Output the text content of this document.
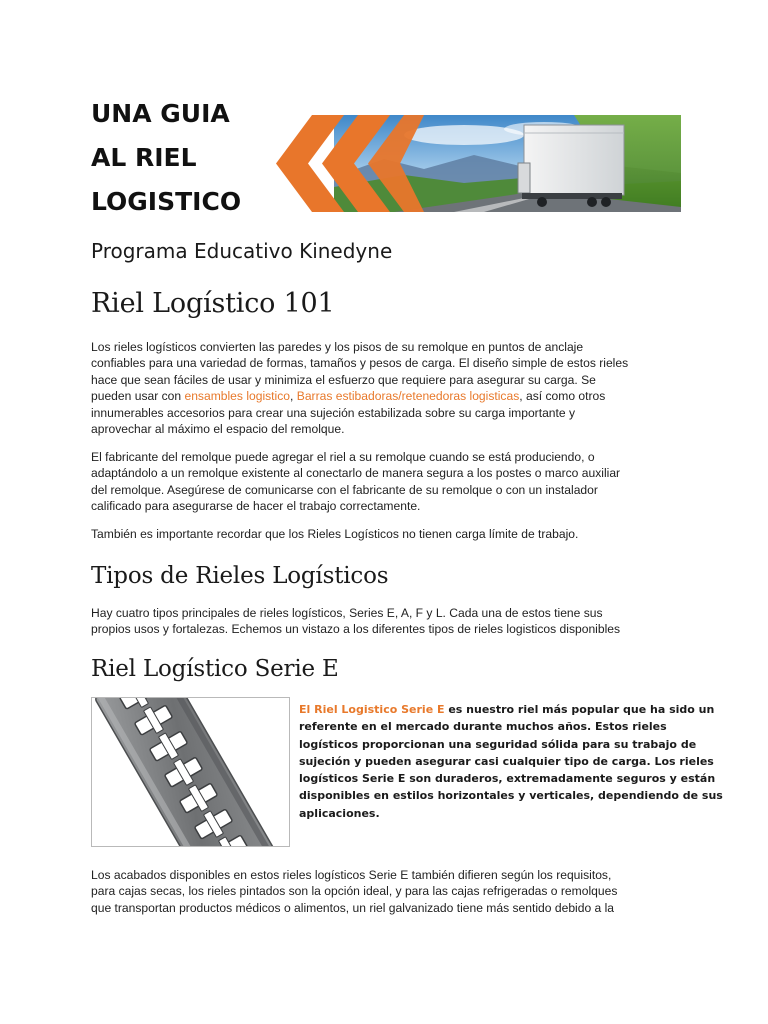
UNA GUIA
AL RIEL
LOGISTICO
Programa Educativo Kinedyne
Riel Logístico 101
Los rieles logísticos convierten las paredes y los pisos de su remolque en puntos de anclaje
confiables para una variedad de formas, tamaños y pesos de carga. El diseño simple de estos rieles
hace que sean fáciles de usar y minimiza el esfuerzo que requiere para asegurar su carga. Se
pueden usar con ensambles logistico, Barras estibadoras/retenedoras logisticas, así como otros
innumerables accesorios para crear una sujeción estabilizada sobre su carga importante y
aprovechar al máximo el espacio del remolque.
El fabricante del remolque puede agregar el riel a su remolque cuando se está produciendo, o
adaptándolo a un remolque existente al conectarlo de manera segura a los postes o marco auxiliar
del remolque. Asegúrese de comunicarse con el fabricante de su remolque o con un instalador
calificado para asegurarse de hacer el trabajo correctamente.
También es importante recordar que los Rieles Logísticos no tienen carga límite de trabajo.
Tipos de Rieles Logísticos
Hay cuatro tipos principales de rieles logísticos, Series E, A, F y L. Cada una de estos tiene sus
propios usos y fortalezas. Echemos un vistazo a los diferentes tipos de rieles logisticos disponibles
Riel Logístico Serie E
El Riel Logistico Serie E es nuestro riel más popular que ha sido un
referente en el mercado durante muchos años. Estos rieles
logísticos proporcionan una seguridad sólida para su trabajo de
sujeción y pueden asegurar casi cualquier tipo de carga. Los rieles
logísticos Serie E son duraderos, extremadamente seguros y están
disponibles en estilos horizontales y verticales, dependiendo de sus
aplicaciones.
Los acabados disponibles en estos rieles logísticos Serie E también difieren según los requisitos,
para cajas secas, los rieles pintados son la opción ideal, y para las cajas refrigeradas o remolques
que transportan productos médicos o alimentos, un riel galvanizado tiene más sentido debido a la
